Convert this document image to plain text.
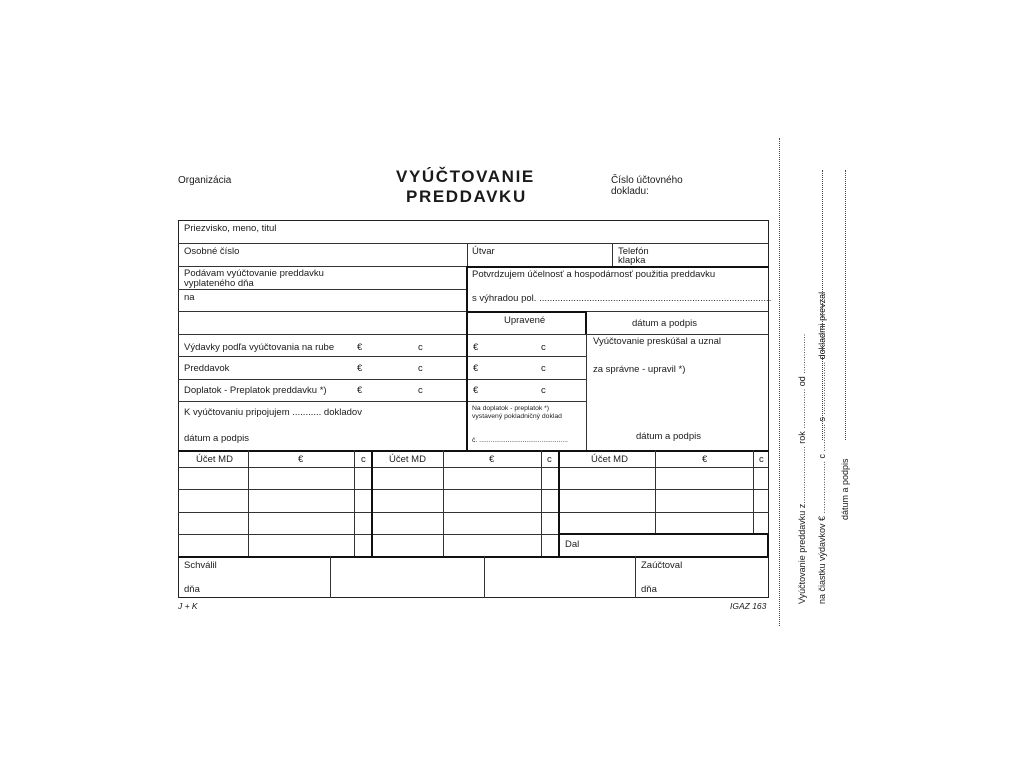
Organizácia	VYÚČTOVANIE
PREDDAVKU
Číslo účtovného
dokladu:
Priezvisko, meno, titul
Osobné číslo	Útvar	Telefón
klapka
Podávam vyúčtovanie preddavku
vyplateného dňa
na
Potvrdzujem účelnosť a hospodárnosť použitia preddavku
s výhradou pol. ........................................................................................
Upravené	dátum a podpis
Výdavky podľa vyúčtovania na rube €	c	€	c
Preddavok	€	c	€	c
Doplatok - Preplatok preddavku *)	€	c	€	c
Vyúčtovanie preskúšal a uznal
za správne - upravil *)
K vyúčtovaniu pripojujem ........... dokladov	Na doplatok - preplatok *)
vystavený pokladničný doklad
č. ...............................................
dátum a podpis	dátum a podpis
Účet MD	€	c Účet MD	€	c	Účet MD	€	c
Dal
Schválil
dňa
Zaúčtoval
dňa
J + K	IGAZ 163
Vyúčtovanie preddavku z....................... rok ................ od ................ na čiastku výdavkov € ..................... c ........... s ..................... dokladmi prevzal dátum a podpis
